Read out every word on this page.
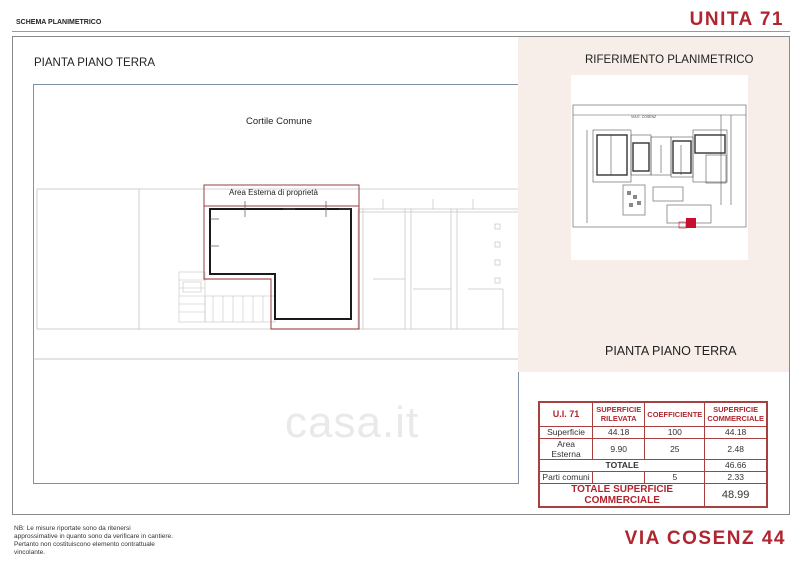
SCHEMA PLANIMETRICO	UNITA 71
PIANTA PIANO TERRA
casa.it
Cortile Comune
Area Esterna di proprietà
RIFERIMENTO PLANIMETRICO
VIA E. COSENZ
PIANTA PIANO TERRA
U.I. 71	SUPERFICIE RILEVATA	COEFFICIENTE	SUPERFICIE COMMERCIALE
Superficie	44.18	100	44.18
Area Esterna	9.90	25	2.48
TOTALE			46.66
Parti comuni		5	2.33
TOTALE SUPERFICIE COMMERCIALE			48.99
NB: Le misure riportate sono da ritenersi approssimative in quanto sono da verificare in cantiere. Pertanto non costituiscono elemento contrattuale vincolante.
VIA COSENZ 44
